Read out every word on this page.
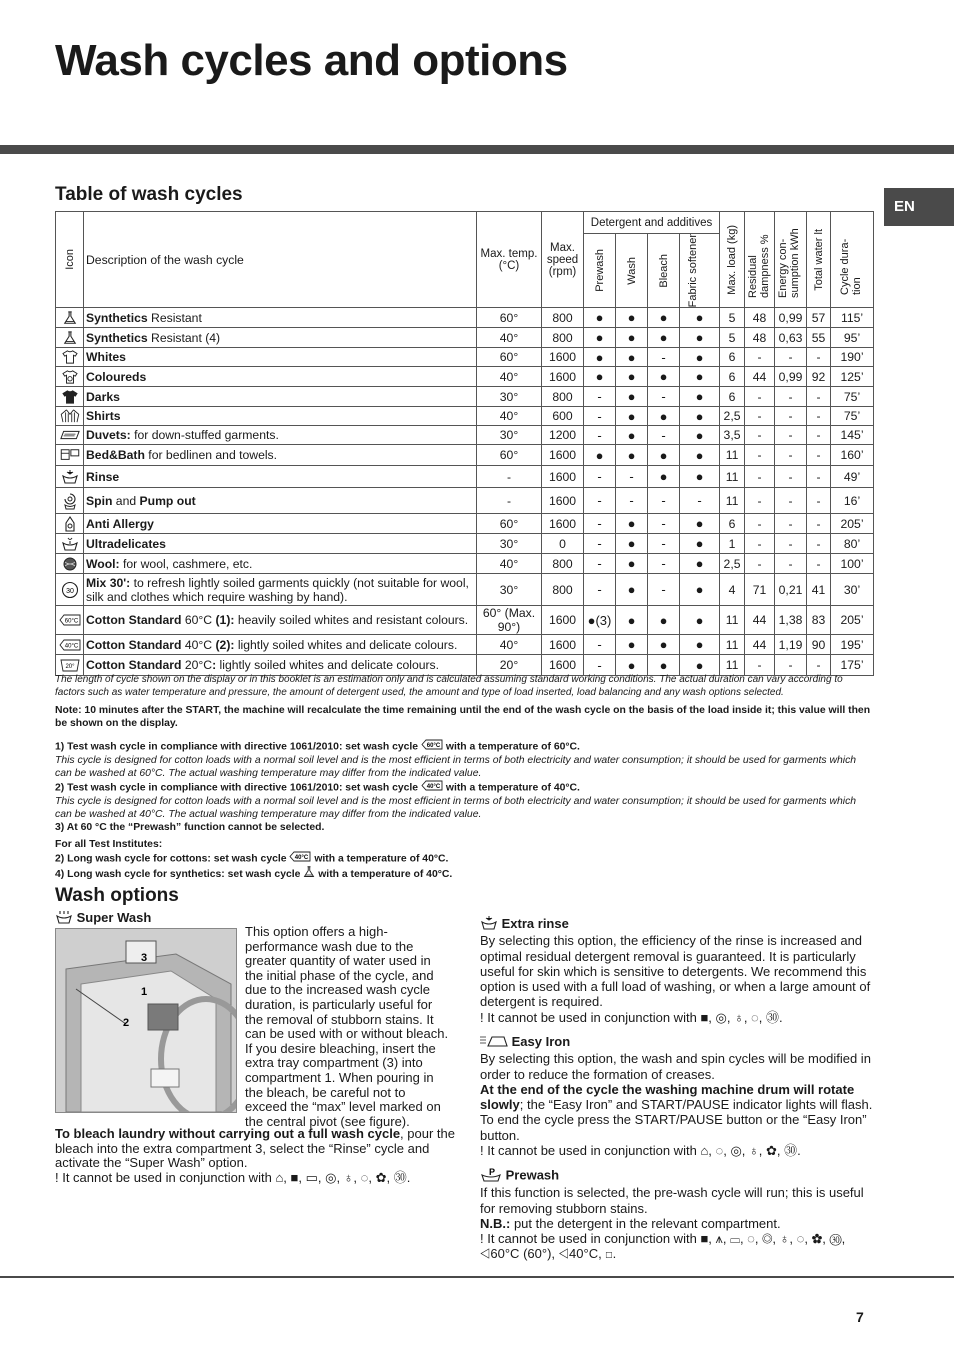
Wash cycles and options
EN
Table of wash cycles
Icon	Description of the wash cycle	Max. temp. (°C)	Max. speed (rpm)	Detergent and additives				Max. load (kg)	Residual dampness %	Energy con-sumption kWh	Total water lt	Cycle dura-tion

				Prewash	Wash	Bleach	Fabric softener					

	Synthetics Resistant	60°	800	●	●	●	●	5	48	0,99	57	115’

	Synthetics Resistant (4)	40°	800	●	●	●	●	5	48	0,63	55	95’

	Whites	60°	1600	●	●	-	●	6	-	-	-	190’

	Coloureds	40°	1600	●	●	●	●	6	44	0,99	92	125’

	Darks	30°	800	-	●	-	●	6	-	-	-	75’

	Shirts	40°	600	-	●	●	●	2,5	-	-	-	75’

	Duvets: for down-stuffed garments.	30°	1200	-	●	-	●	3,5	-	-	-	145’

	Bed&Bath for bedlinen and towels.	60°	1600	●	●	●	●	11	-	-	-	160’

	Rinse	-	1600	-	-	●	●	11	-	-	-	49’

	Spin and Pump out	-	1600	-	-	-	-	11	-	-	-	16’

	Anti Allergy	60°	1600	-	●	-	●	6	-	-	-	205’

	Ultradelicates	30°	0	-	●	-	●	1	-	-	-	80’

	Wool: for wool, cashmere, etc.	40°	800	-	●	-	●	2,5	-	-	-	100’

30	Mix 30': to refresh lightly soiled garments quickly (not suitable for wool, silk and clothes which require washing by hand).	30°	800	-	●	-	●	4	71	0,21	41	30’

60°C	Cotton Standard 60°C (1): heavily soiled whites and resistant colours.	60° (Max. 90°)	1600	●(3)	●	●	●	11	44	1,38	83	205’

40°C	Cotton Standard 40°C (2): lightly soiled whites and delicate colours.	40°	1600	-	●	●	●	11	44	1,19	90	195’

20°	Cotton Standard 20°C: lightly soiled whites and delicate colours.	20°	1600	-	●	●	●	11	-	-	-	175’
The length of cycle shown on the display or in this booklet is an estimation only and is calculated assuming standard working conditions. The actual duration can vary according to factors such as water temperature and pressure, the amount of detergent used, the amount and type of load inserted, load balancing and any wash options selected.
Note: 10 minutes after the START, the machine will recalculate the time remaining until the end of the wash cycle on the basis of the load inside it; this value will then be shown on the display.
1) Test wash cycle in compliance with directive 1061/2010: set wash cycle 60°C with a temperature of 60°C.
This cycle is designed for cotton loads with a normal soil level and is the most efficient in terms of both electricity and water consumption; it should be used for garments which can be washed at 60°C. The actual washing temperature may differ from the indicated value.
2) Test wash cycle in compliance with directive 1061/2010: set wash cycle 40°C with a temperature of 40°C.
This cycle is designed for cotton loads with a normal soil level and is the most efficient in terms of both electricity and water consumption; it should be used for garments which can be washed at 40°C. The actual washing temperature may differ from the indicated value.
3) At 60 °C the “Prewash” function cannot be selected.
For all Test Institutes:
2) Long wash cycle for cottons: set wash cycle 40°C with a temperature of 40°C.
4) Long wash cycle for synthetics: set wash cycle with a temperature of 40°C.
Wash options
Super Wash
3
1
2
This option offers a high-performance wash due to the greater quantity of water used in the initial phase of the cycle, and due to the increased wash cycle duration, is particularly useful for the removal of stubborn stains. It can be used with or without bleach. If you desire bleaching, insert the extra tray compartment (3) into compartment 1. When pouring in the bleach, be careful not to exceed the “max” level marked on the central pivot (see figure).
To bleach laundry without carrying out a full wash cycle, pour the bleach into the extra compartment 3, select the “Rinse” cycle and activate the “Super Wash” option.
! It cannot be used in conjunction with ⌂, ■, ▭, ◎, ♁, ◌, ✿, ㉚.
Extra rinse
By selecting this option, the efficiency of the rinse is increased and optimal residual detergent removal is guaranteed. It is particularly useful for skin which is sensitive to detergents. We recommend this option is used with a full load of washing, or when a large amount of detergent is required.
! It cannot be used in conjunction with ■, ◎, ♁, ◌, ㉚.
Easy Iron
By selecting this option, the wash and spin cycles will be modified in order to reduce the formation of creases.
At the end of the cycle the washing machine drum will rotate slowly; the “Easy Iron” and START/PAUSE indicator lights will flash. To end the cycle press the START/PAUSE button or the “Easy Iron” button.
! It cannot be used in conjunction with ⌂, ◌, ◎, ♁, ✿, ㉚.
P Prewash
If this function is selected, the pre-wash cycle will run; this is useful for removing stubborn stains.
N.B.: put the detergent in the relevant compartment.
! It cannot be used in conjunction with ■, ⩚, ▭, ◌, ◎, ♁, ◌, ✿, ㉚, ◁60°C (60°), ◁40°C, ◻.
7
